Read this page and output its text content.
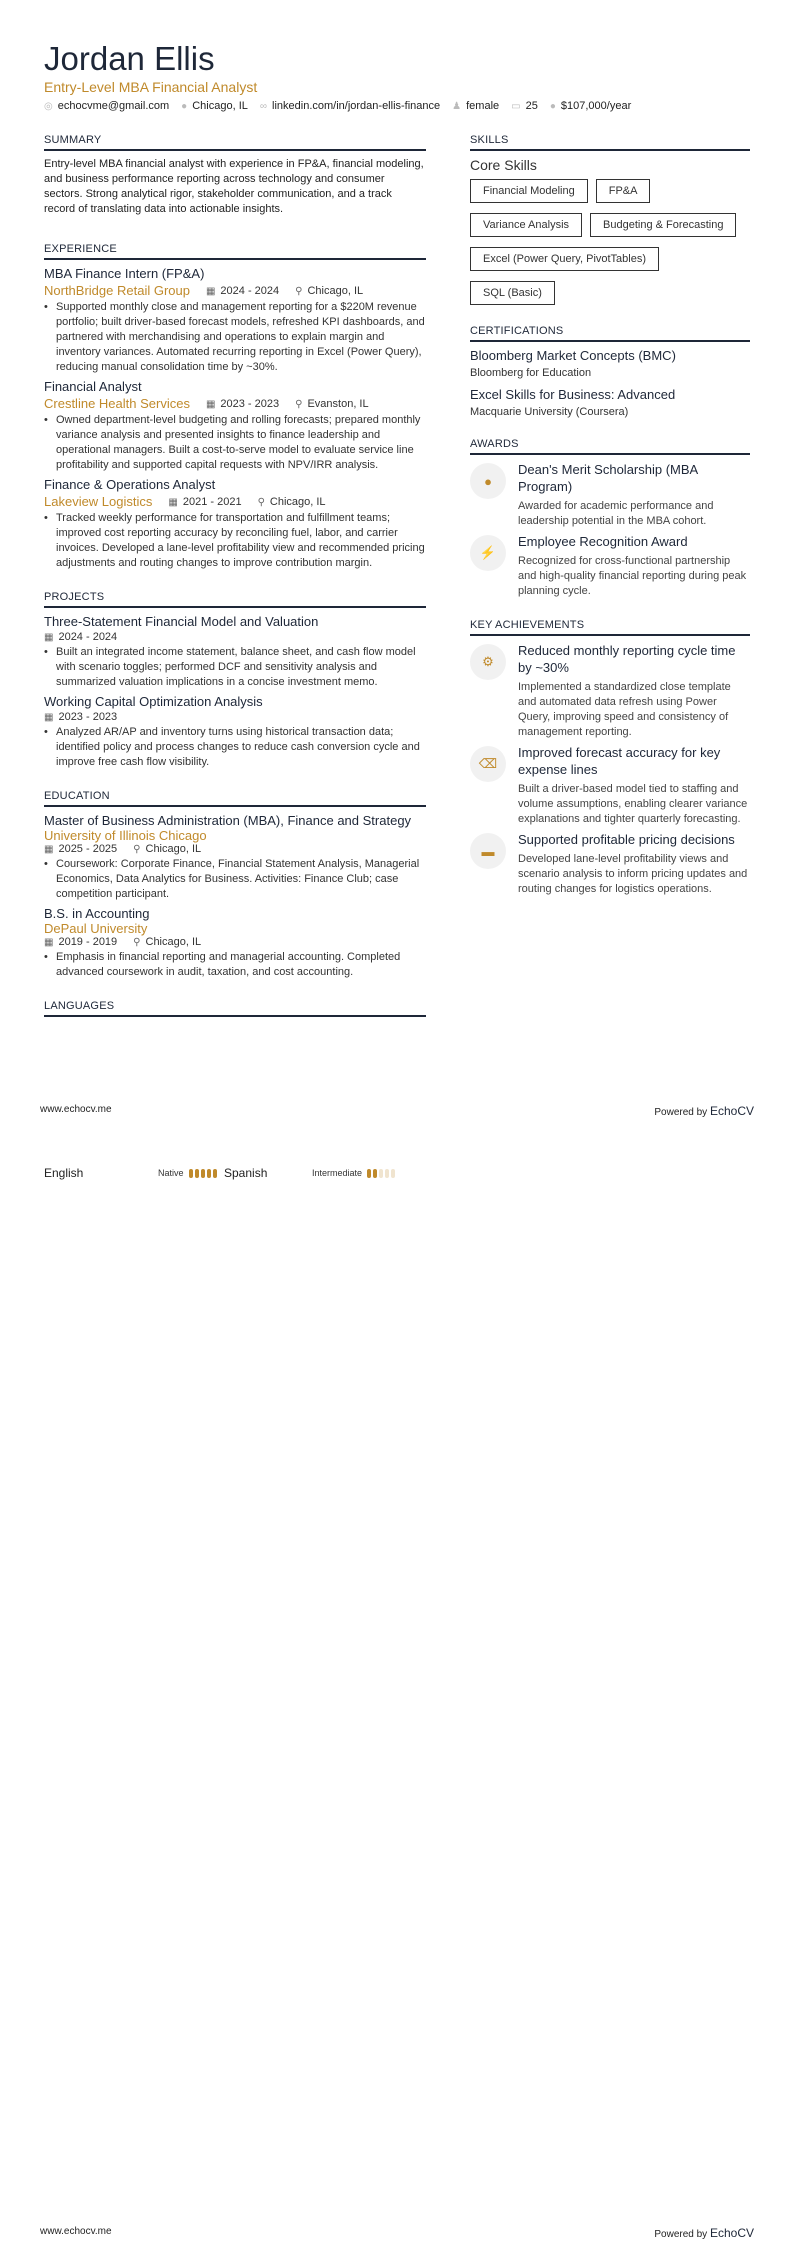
Jordan Ellis
Entry-Level MBA Financial Analyst
◎ echocvme@gmail.com ● Chicago, IL ∞ linkedin.com/in/jordan-ellis-finance ♟ female ▭ 25 ● $107,000/year
SUMMARY

Entry-level MBA financial analyst with experience in FP&A, financial modeling, and business performance reporting across technology and consumer sectors. Strong analytical rigor, stakeholder communication, and a track record of translating data into actionable insights.

EXPERIENCE
MBA Finance Intern (FP&A)
NorthBridge Retail Group ▦ 2024 - 2024 ⚲ Chicago, IL
• Supported monthly close and management reporting for a $220M revenue portfolio; built driver-based forecast models, refreshed KPI dashboards, and partnered with merchandising and operations to explain margin and inventory variances. Automated recurring reporting in Excel (Power Query), reducing manual consolidation time by ~30%.
Financial Analyst
Crestline Health Services ▦ 2023 - 2023 ⚲ Evanston, IL
• Owned department-level budgeting and rolling forecasts; prepared monthly variance analysis and presented insights to finance leadership and operational managers. Built a cost-to-serve model to evaluate service line profitability and supported capital requests with NPV/IRR analysis.
Finance & Operations Analyst
Lakeview Logistics ▦ 2021 - 2021 ⚲ Chicago, IL
• Tracked weekly performance for transportation and fulfillment teams; improved cost reporting accuracy by reconciling fuel, labor, and carrier invoices. Developed a lane-level profitability view and recommended pricing adjustments and routing changes to improve contribution margin.
PROJECTS
Three-Statement Financial Model and Valuation
▦ 2024 - 2024
• Built an integrated income statement, balance sheet, and cash flow model with scenario toggles; performed DCF and sensitivity analysis and summarized valuation implications in a concise investment memo.
Working Capital Optimization Analysis
▦ 2023 - 2023
• Analyzed AR/AP and inventory turns using historical transaction data; identified policy and process changes to reduce cash conversion cycle and improve free cash flow visibility.
EDUCATION
Master of Business Administration (MBA), Finance and Strategy
University of Illinois Chicago
▦ 2025 - 2025 ⚲ Chicago, IL
• Coursework: Corporate Finance, Financial Statement Analysis, Managerial Economics, Data Analytics for Business. Activities: Finance Club; case competition participant.
B.S. in Accounting
DePaul University
▦ 2019 - 2019 ⚲ Chicago, IL
• Emphasis in financial reporting and managerial accounting. Completed advanced coursework in audit, taxation, and cost accounting.
LANGUAGES
SKILLS
Core Skills
Financial Modeling	FP&A
Variance Analysis	Budgeting & Forecasting
Excel (Power Query, PivotTables)
SQL (Basic)
CERTIFICATIONS
Bloomberg Market Concepts (BMC)
Bloomberg for Education
Excel Skills for Business: Advanced
Macquarie University (Coursera)
AWARDS
●
Dean's Merit Scholarship (MBA Program)
Awarded for academic performance and leadership potential in the MBA cohort.
⚡
Employee Recognition Award
Recognized for cross-functional partnership and high-quality financial reporting during peak planning cycle.
KEY ACHIEVEMENTS
⚙
Reduced monthly reporting cycle time by ~30%
Implemented a standardized close template and automated data refresh using Power Query, improving speed and consistency of management reporting.
⌫
Improved forecast accuracy for key expense lines
Built a driver-based model tied to staffing and volume assumptions, enabling clearer variance explanations and tighter quarterly forecasting.
▬
Supported profitable pricing decisions
Developed lane-level profitability views and scenario analysis to inform pricing updates and routing changes for logistics operations.
www.echocv.me	Powered by EchoCV
English	Native	Spanish	Intermediate
www.echocv.me	Powered by EchoCV
